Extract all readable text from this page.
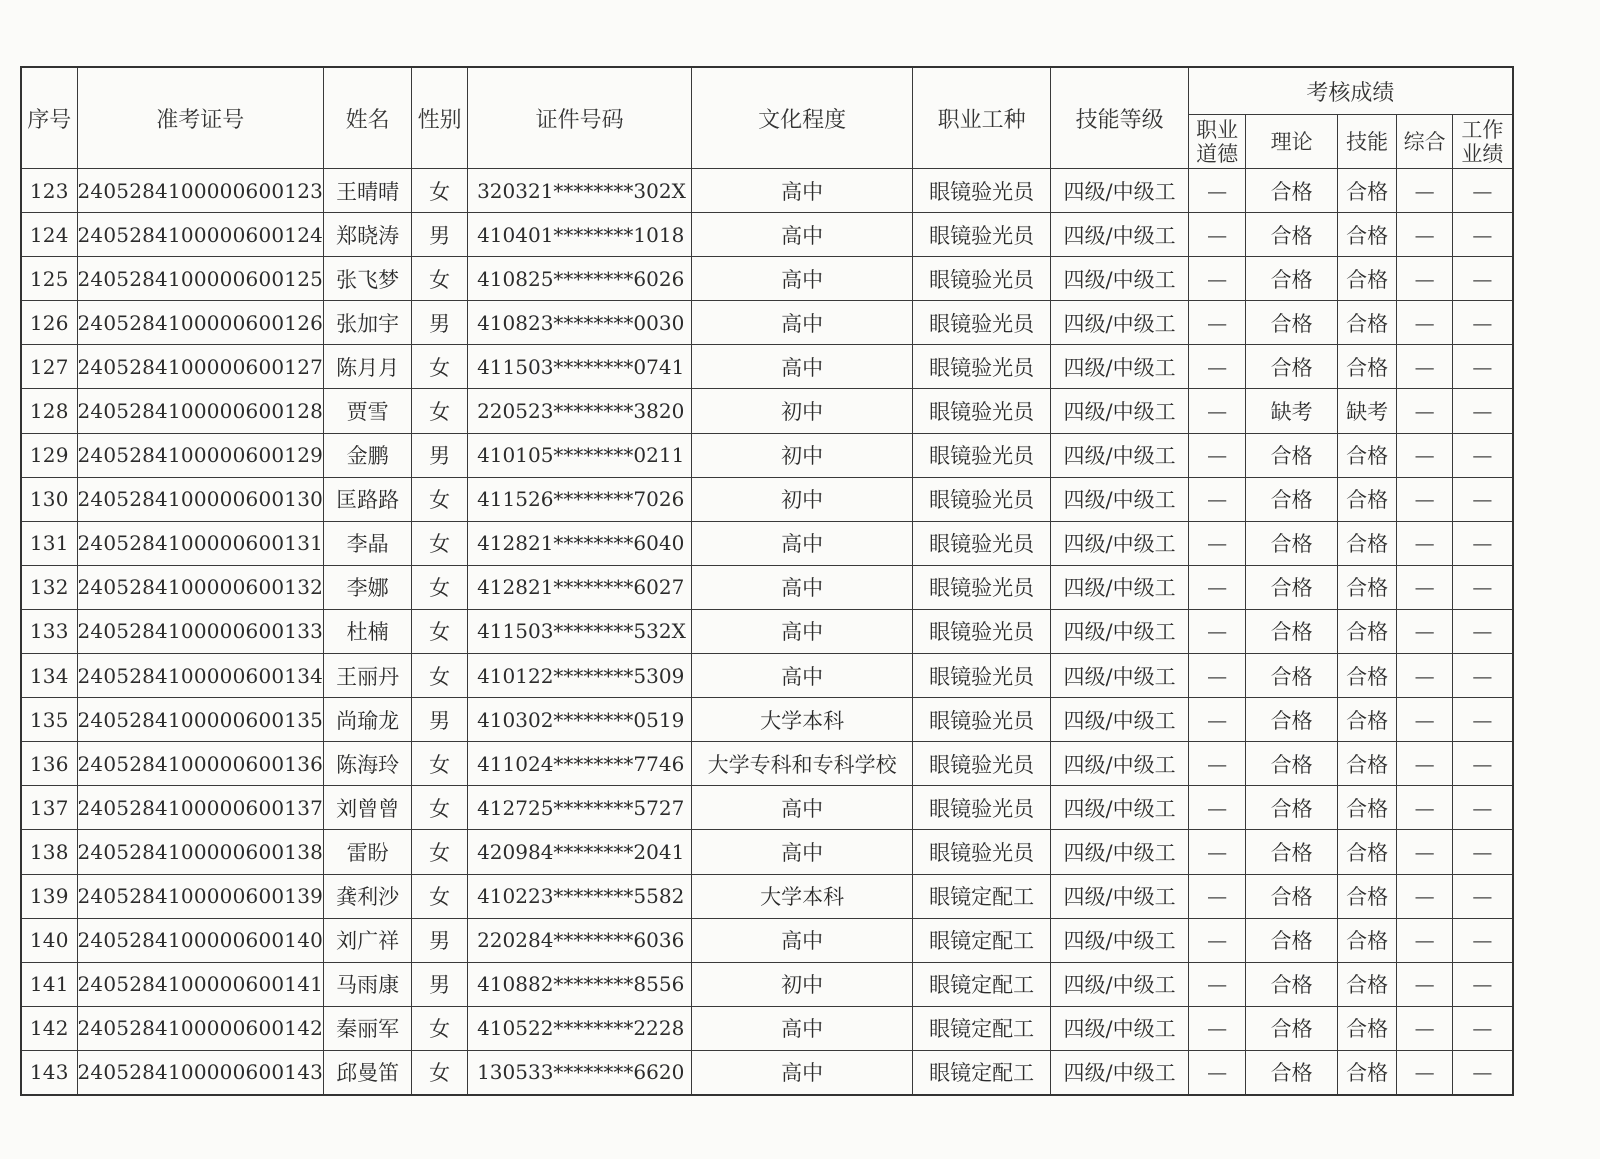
序号	准考证号	姓名	性别	证件号码	文化程度	职业工种	技能等级	考核成绩				
								职业道德	理论	技能	综合	工作业绩
123	2405284100000600123	王晴晴	女	320321********302X	高中	眼镜验光员	四级/中级工	—	合格	合格	—	—
124	2405284100000600124	郑晓涛	男	410401********1018	高中	眼镜验光员	四级/中级工	—	合格	合格	—	—
125	2405284100000600125	张飞梦	女	410825********6026	高中	眼镜验光员	四级/中级工	—	合格	合格	—	—
126	2405284100000600126	张加宇	男	410823********0030	高中	眼镜验光员	四级/中级工	—	合格	合格	—	—
127	2405284100000600127	陈月月	女	411503********0741	高中	眼镜验光员	四级/中级工	—	合格	合格	—	—
128	2405284100000600128	贾雪	女	220523********3820	初中	眼镜验光员	四级/中级工	—	缺考	缺考	—	—
129	2405284100000600129	金鹏	男	410105********0211	初中	眼镜验光员	四级/中级工	—	合格	合格	—	—
130	2405284100000600130	匡路路	女	411526********7026	初中	眼镜验光员	四级/中级工	—	合格	合格	—	—
131	2405284100000600131	李晶	女	412821********6040	高中	眼镜验光员	四级/中级工	—	合格	合格	—	—
132	2405284100000600132	李娜	女	412821********6027	高中	眼镜验光员	四级/中级工	—	合格	合格	—	—
133	2405284100000600133	杜楠	女	411503********532X	高中	眼镜验光员	四级/中级工	—	合格	合格	—	—
134	2405284100000600134	王丽丹	女	410122********5309	高中	眼镜验光员	四级/中级工	—	合格	合格	—	—
135	2405284100000600135	尚瑜龙	男	410302********0519	大学本科	眼镜验光员	四级/中级工	—	合格	合格	—	—
136	2405284100000600136	陈海玲	女	411024********7746	大学专科和专科学校	眼镜验光员	四级/中级工	—	合格	合格	—	—
137	2405284100000600137	刘曾曾	女	412725********5727	高中	眼镜验光员	四级/中级工	—	合格	合格	—	—
138	2405284100000600138	雷盼	女	420984********2041	高中	眼镜验光员	四级/中级工	—	合格	合格	—	—
139	2405284100000600139	龚利沙	女	410223********5582	大学本科	眼镜定配工	四级/中级工	—	合格	合格	—	—
140	2405284100000600140	刘广祥	男	220284********6036	高中	眼镜定配工	四级/中级工	—	合格	合格	—	—
141	2405284100000600141	马雨康	男	410882********8556	初中	眼镜定配工	四级/中级工	—	合格	合格	—	—
142	2405284100000600142	秦丽军	女	410522********2228	高中	眼镜定配工	四级/中级工	—	合格	合格	—	—
143	2405284100000600143	邱曼笛	女	130533********6620	高中	眼镜定配工	四级/中级工	—	合格	合格	—	—
